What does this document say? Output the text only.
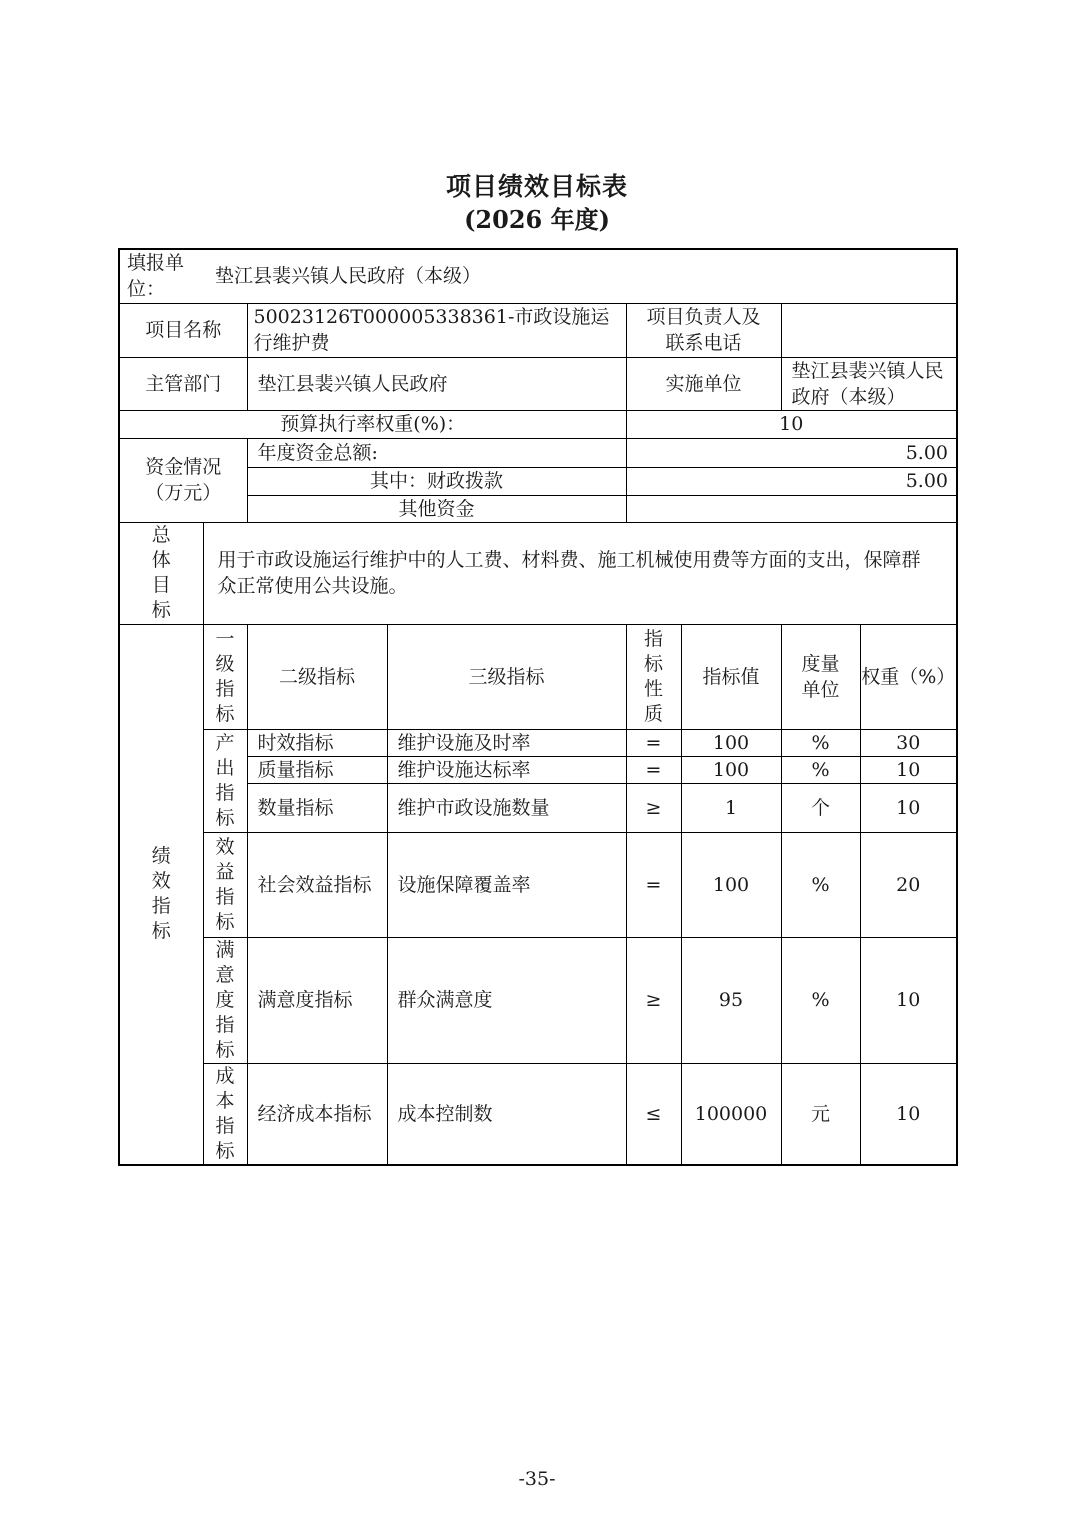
项目绩效目标表
(2026 年度)
填报单位：
垫江县裴兴镇人民政府（本级）							

项目名称		50023126T000005338361-市政设施运行维护费		项目负责人及联系电话			
主管部门		垫江县裴兴镇人民政府		实施单位		垫江县裴兴镇人民政府（本级）	
预算执行率权重(%)：				10			
资金情况（万元）		年度资金总额:		5.00			
		其中：财政拨款		5.00			
		其他资金					
总体目标	用于市政设施运行维护中的人工费、材料费、施工机械使用费等方面的支出，保障群众正常使用公共设施。						
绩效指标	一级指标	二级指标	三级指标	指标性质	指标值	度量单位	权重（%）
	产出指标	时效指标	维护设施及时率	=	100	%	30
		质量指标	维护设施达标率	=	100	%	10
		数量指标	维护市政设施数量	≥	1	个	10
	效益指标	社会效益指标	设施保障覆盖率	=	100	%	20
	满意度指标	满意度指标	群众满意度	≥	95	%	10
	成本指标	经济成本指标	成本控制数	≤	100000	元	10
-35-
